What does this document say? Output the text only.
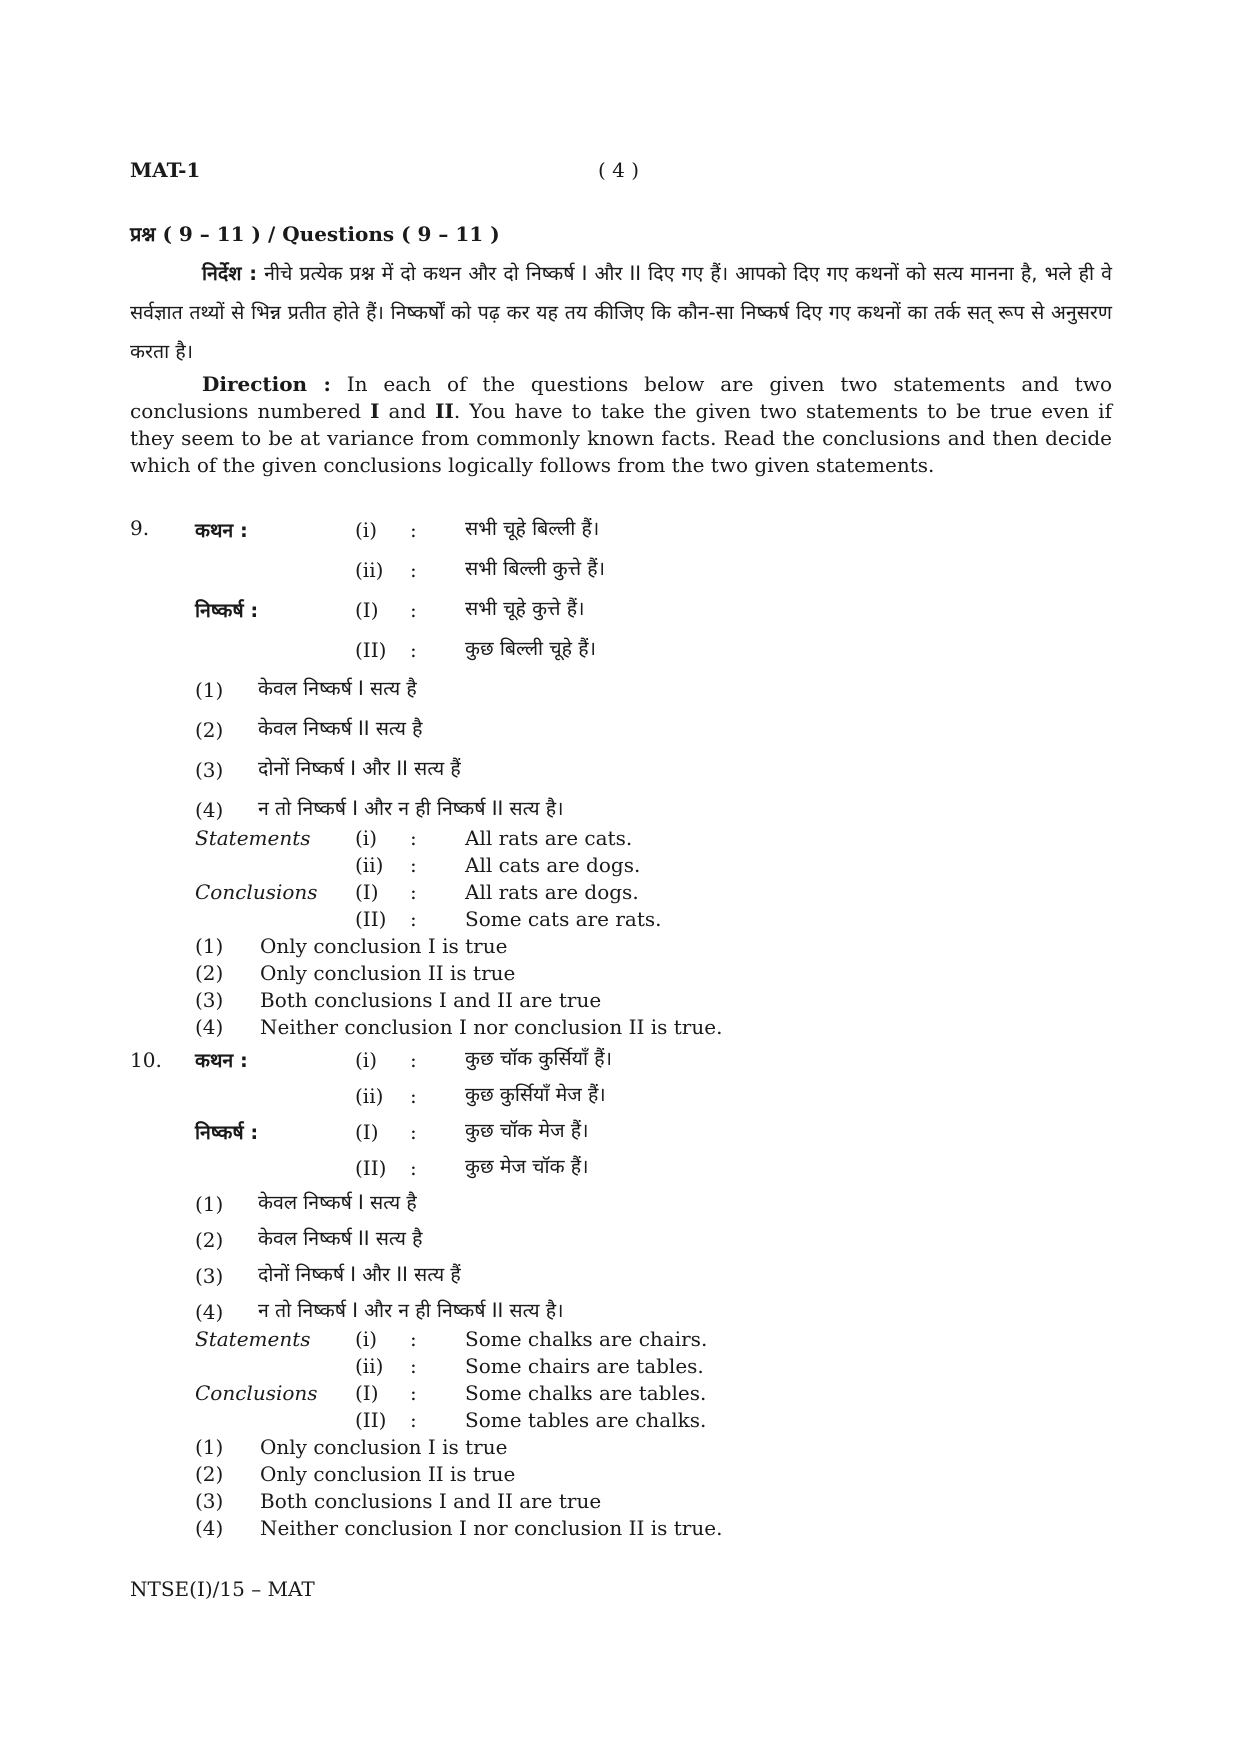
MAT-1	( 4 )
प्रश्न ( 9 – 11 ) / Questions ( 9 – 11 )
निर्देश : नीचे प्रत्येक प्रश्न में दो कथन और दो निष्कर्ष I और II दिए गए हैं। आपको दिए गए कथनों को सत्य मानना है, भले ही वे सर्वज्ञात तथ्यों से भिन्न प्रतीत होते हैं। निष्कर्षों को पढ़ कर यह तय कीजिए कि कौन-सा निष्कर्ष दिए गए कथनों का तर्क सत् रूप से अनुसरण करता है।
Direction : In each of the questions below are given two statements and two conclusions numbered I and II. You have to take the given two statements to be true even if they seem to be at variance from commonly known facts. Read the conclusions and then decide which of the given conclusions logically follows from the two given statements.
9. कथन :
निष्कर्ष :
(i) : सभी चूहे बिल्ली हैं।
(ii) : सभी बिल्ली कुत्ते हैं।
(I) : सभी चूहे कुत्ते हैं।
(II) : कुछ बिल्ली चूहे हैं।
(1) केवल निष्कर्ष I सत्य है
(2) केवल निष्कर्ष II सत्य है
(3) दोनों निष्कर्ष I और II सत्य हैं
(4) न तो निष्कर्ष I और न ही निष्कर्ष II सत्य है।
Statements (i) : All rats are cats.
(ii) : All cats are dogs.
Conclusions (I) : All rats are dogs.
(II) : Some cats are rats.
(1) Only conclusion I is true
(2) Only conclusion II is true
(3) Both conclusions I and II are true
(4) Neither conclusion I nor conclusion II is true.
10. कथन :
निष्कर्ष :
(i) : कुछ चॉक कुर्सियाँ हैं।
(ii) : कुछ कुर्सियाँ मेज हैं।
(I) : कुछ चॉक मेज हैं।
(II) : कुछ मेज चॉक हैं।
(1) केवल निष्कर्ष I सत्य है
(2) केवल निष्कर्ष II सत्य है
(3) दोनों निष्कर्ष I और II सत्य हैं
(4) न तो निष्कर्ष I और न ही निष्कर्ष II सत्य है।
Statements (i) : Some chalks are chairs.
(ii) : Some chairs are tables.
Conclusions (I) : Some chalks are tables.
(II) : Some tables are chalks.
(1) Only conclusion I is true
(2) Only conclusion II is true
(3) Both conclusions I and II are true
(4) Neither conclusion I nor conclusion II is true.
NTSE(I)/15 – MAT
